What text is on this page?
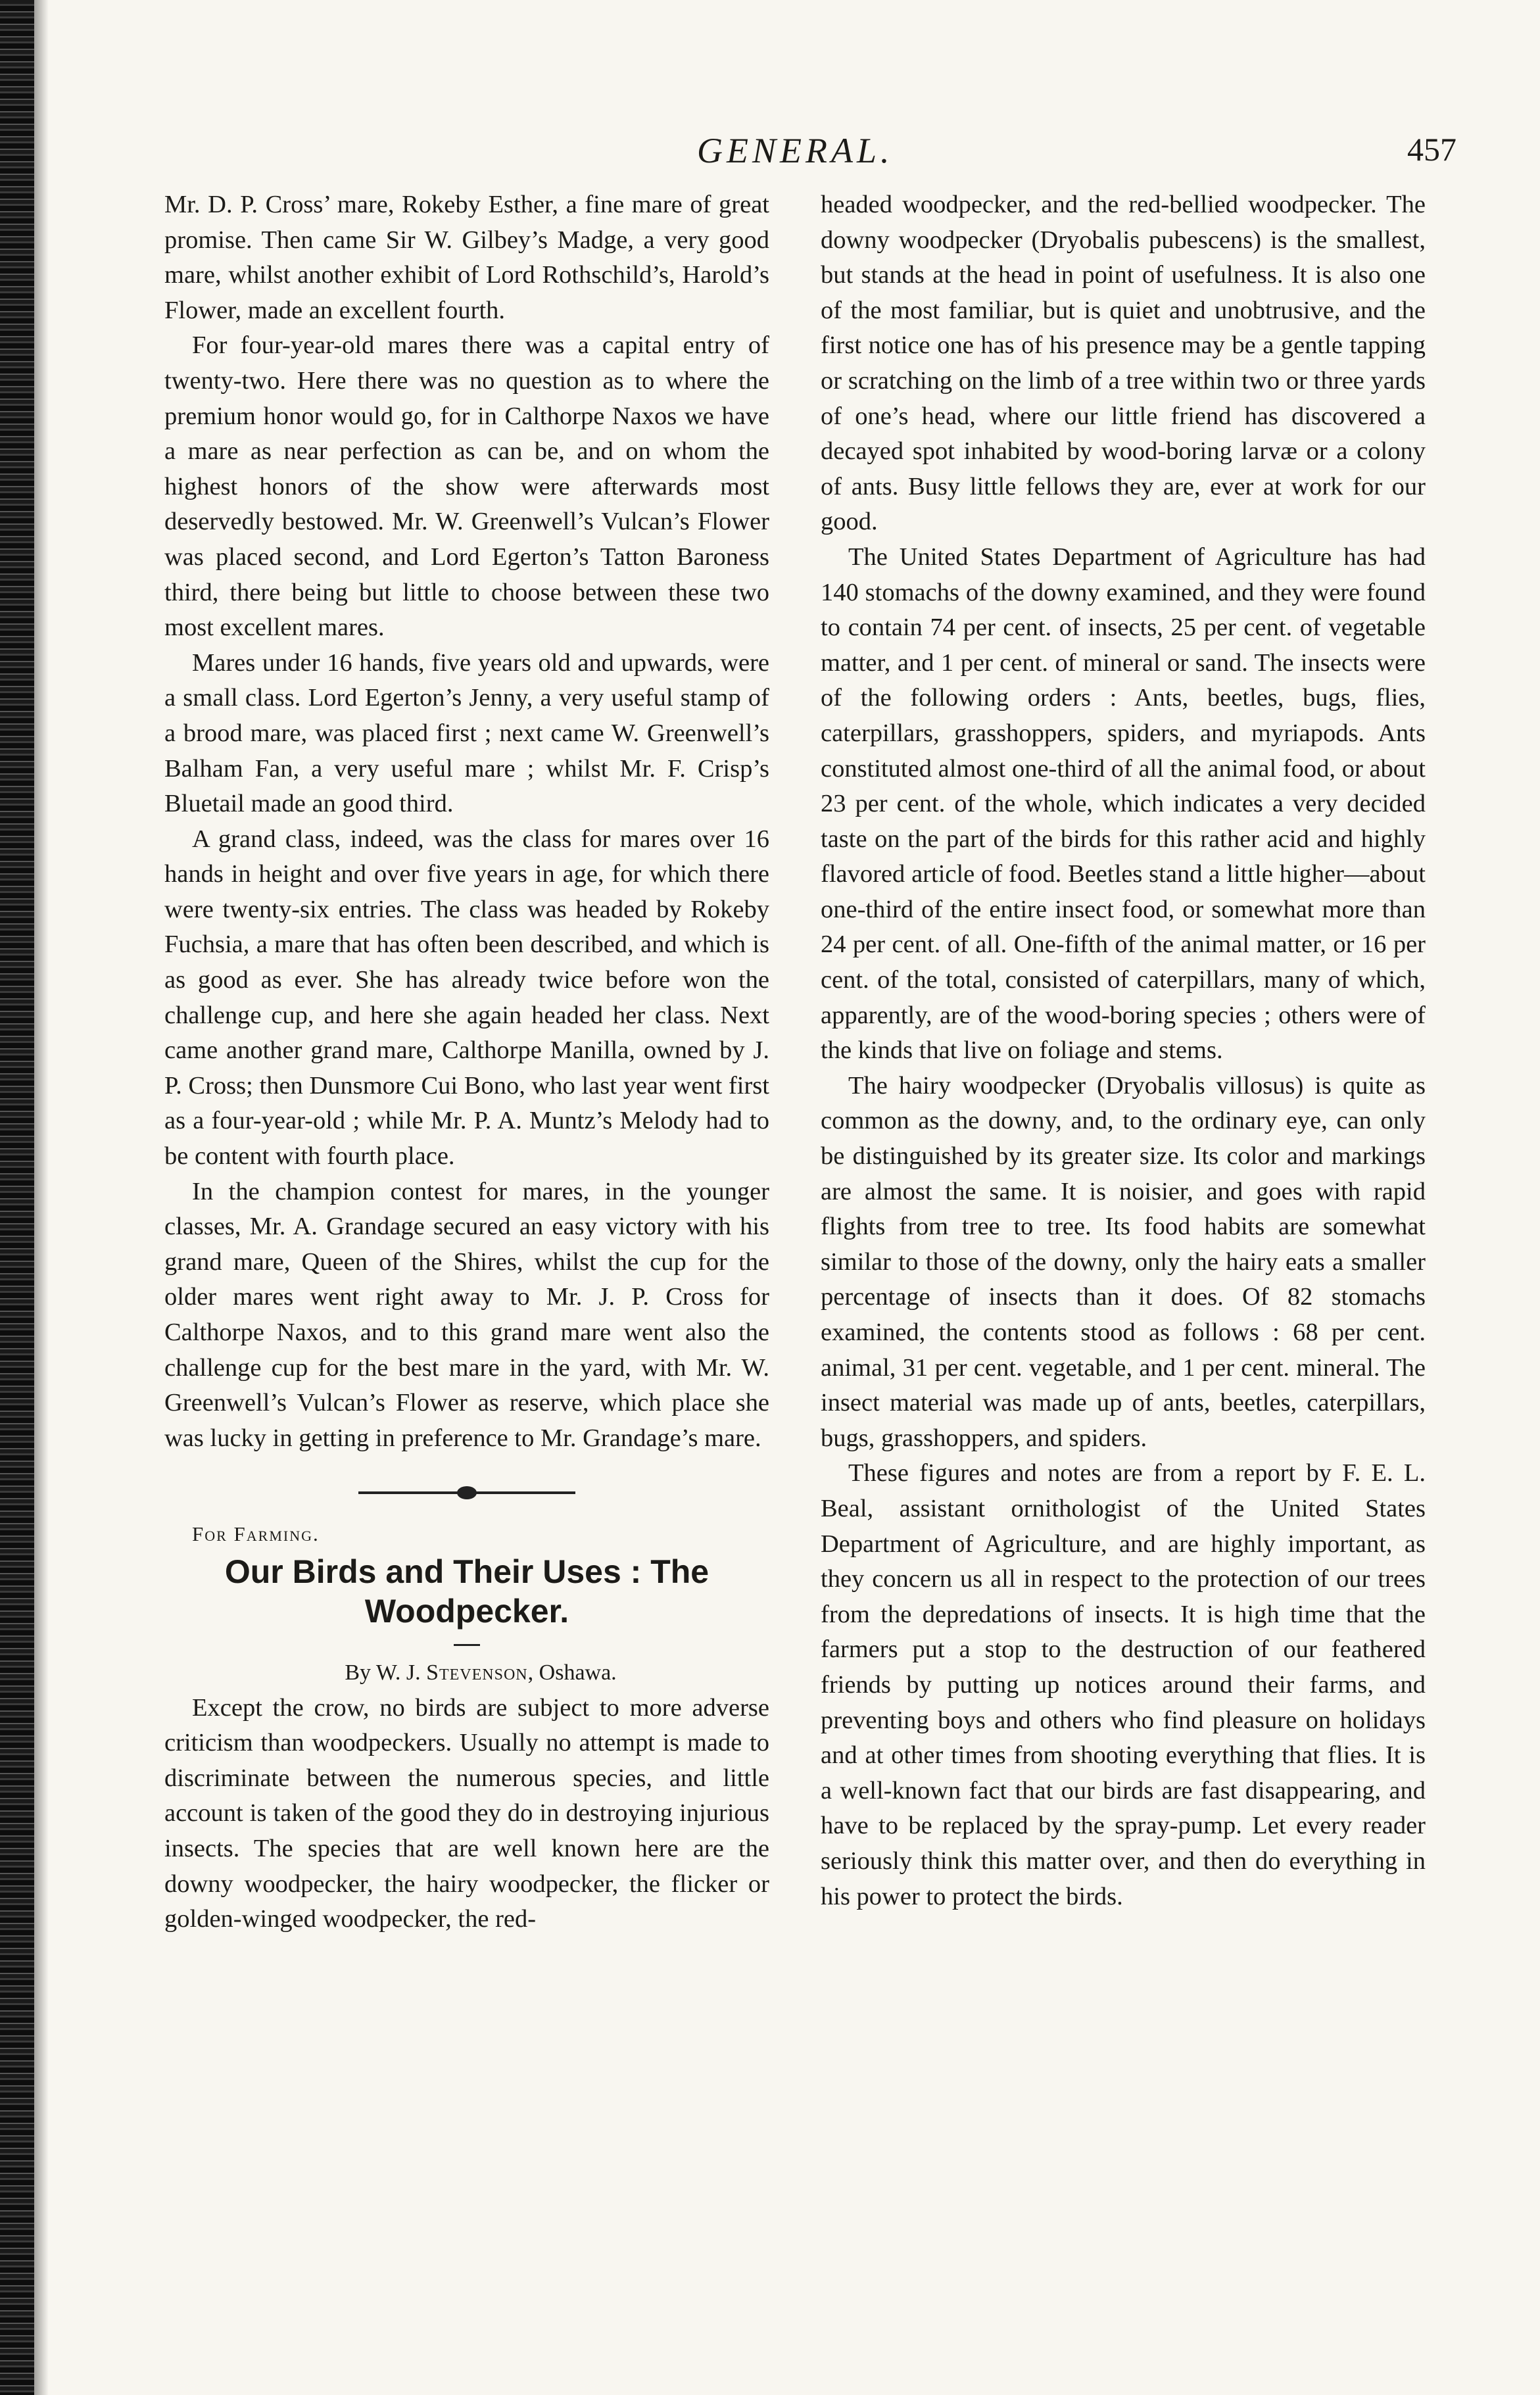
GENERAL.	457

Mr. D. P. Cross’ mare, Rokeby Esther, a fine mare of great promise. Then came Sir W. Gilbey’s Madge, a very good mare, whilst another exhibit of Lord Rothschild’s, Harold’s Flower, made an excellent fourth.

For four-year-old mares there was a capital entry of twenty-two. Here there was no question as to where the premium honor would go, for in Calthorpe Naxos we have a mare as near perfection as can be, and on whom the highest honors of the show were afterwards most deservedly bestowed. Mr. W. Greenwell’s Vulcan’s Flower was placed second, and Lord Egerton’s Tatton Baroness third, there being but little to choose between these two most excellent mares.

Mares under 16 hands, five years old and upwards, were a small class. Lord Egerton’s Jenny, a very useful stamp of a brood mare, was placed first ; next came W. Greenwell’s Balham Fan, a very useful mare ; whilst Mr. F. Crisp’s Bluetail made an good third.

A grand class, indeed, was the class for mares over 16 hands in height and over five years in age, for which there were twenty-six entries. The class was headed by Rokeby Fuchsia, a mare that has often been described, and which is as good as ever. She has already twice before won the challenge cup, and here she again headed her class. Next came another grand mare, Calthorpe Manilla, owned by J. P. Cross; then Dunsmore Cui Bono, who last year went first as a four-year-old ; while Mr. P. A. Muntz’s Melody had to be content with fourth place.

In the champion contest for mares, in the younger classes, Mr. A. Grandage secured an easy victory with his grand mare, Queen of the Shires, whilst the cup for the older mares went right away to Mr. J. P. Cross for Calthorpe Naxos, and to this grand mare went also the challenge cup for the best mare in the yard, with Mr. W. Greenwell’s Vulcan’s Flower as reserve, which place she was lucky in getting in preference to Mr. Grandage’s mare.

For Farming.

Our Birds and Their Uses : The Woodpecker.

By W. J. Stevenson, Oshawa.

Except the crow, no birds are subject to more adverse criticism than woodpeckers. Usually no attempt is made to discriminate between the numerous species, and little account is taken of the good they do in destroying injurious insects. The species that are well known here are the downy woodpecker, the hairy woodpecker, the flicker or golden-winged woodpecker, the red-

headed woodpecker, and the red-bellied woodpecker. The downy woodpecker (Dryobalis pubescens) is the smallest, but stands at the head in point of usefulness. It is also one of the most familiar, but is quiet and unobtrusive, and the first notice one has of his presence may be a gentle tapping or scratching on the limb of a tree within two or three yards of one’s head, where our little friend has discovered a decayed spot inhabited by wood-boring larvæ or a colony of ants. Busy little fellows they are, ever at work for our good.

The United States Department of Agriculture has had 140 stomachs of the downy examined, and they were found to contain 74 per cent. of insects, 25 per cent. of vegetable matter, and 1 per cent. of mineral or sand. The insects were of the following orders : Ants, beetles, bugs, flies, caterpillars, grasshoppers, spiders, and myriapods. Ants constituted almost one-third of all the animal food, or about 23 per cent. of the whole, which indicates a very decided taste on the part of the birds for this rather acid and highly flavored article of food. Beetles stand a little higher—about one-third of the entire insect food, or somewhat more than 24 per cent. of all. One-fifth of the animal matter, or 16 per cent. of the total, consisted of caterpillars, many of which, apparently, are of the wood-boring species ; others were of the kinds that live on foliage and stems.

The hairy woodpecker (Dryobalis villosus) is quite as common as the downy, and, to the ordinary eye, can only be distinguished by its greater size. Its color and markings are almost the same. It is noisier, and goes with rapid flights from tree to tree. Its food habits are somewhat similar to those of the downy, only the hairy eats a smaller percentage of insects than it does. Of 82 stomachs examined, the contents stood as follows : 68 per cent. animal, 31 per cent. vegetable, and 1 per cent. mineral. The insect material was made up of ants, beetles, caterpillars, bugs, grasshoppers, and spiders.

These figures and notes are from a report by F. E. L. Beal, assistant ornithologist of the United States Department of Agriculture, and are highly important, as they concern us all in respect to the protection of our trees from the depredations of insects. It is high time that the farmers put a stop to the destruction of our feathered friends by putting up notices around their farms, and preventing boys and others who find pleasure on holidays and at other times from shooting everything that flies. It is a well-known fact that our birds are fast disappearing, and have to be replaced by the spray-pump. Let every reader seriously think this matter over, and then do everything in his power to protect the birds.
